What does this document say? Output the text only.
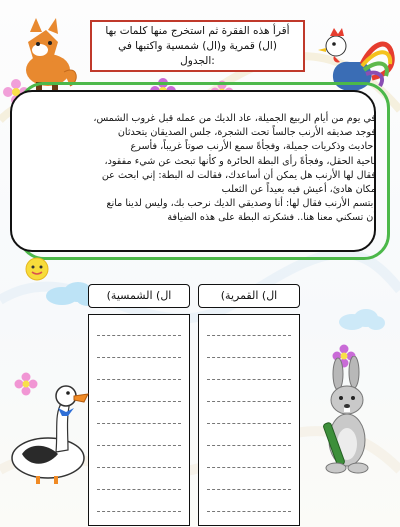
أقرأ هذه الفقرة ثم استخرج منها كلمات بها
(ال) قمرية و(ال) شمسية واكتبها في
:الجدول

في يوم من أيام الربيع الجميلة، عاد الديك من عمله قبل غروب الشمس،

فوجد صديقه الأرنب جالساً تحت الشجرة، جلس الصديقان يتحدثان

أحاديث وذكريات جميلة، وفجأةً سمع الأرنب صوتاً غريباً، فأسرع

ناحية الحقل، وفجأةً رأى البطة الحائرة و كأنها تبحث عن شيء مفقود،

فقال لها الأرنب هل يمكن أن أساعدك، فقالت له البطة: إني ابحث عن

مكان هادئ، أعيش فيه بعيداً عن الثعلب

ابتسم الأرنب فقال لها: أنا وصديقي الديك نرحب بك، وليس لدينا مانع

أن تسكني معنا هنا.. فشكرته البطة على هذه الضيافة

ال) الشمسية)	ال) القمرية)
